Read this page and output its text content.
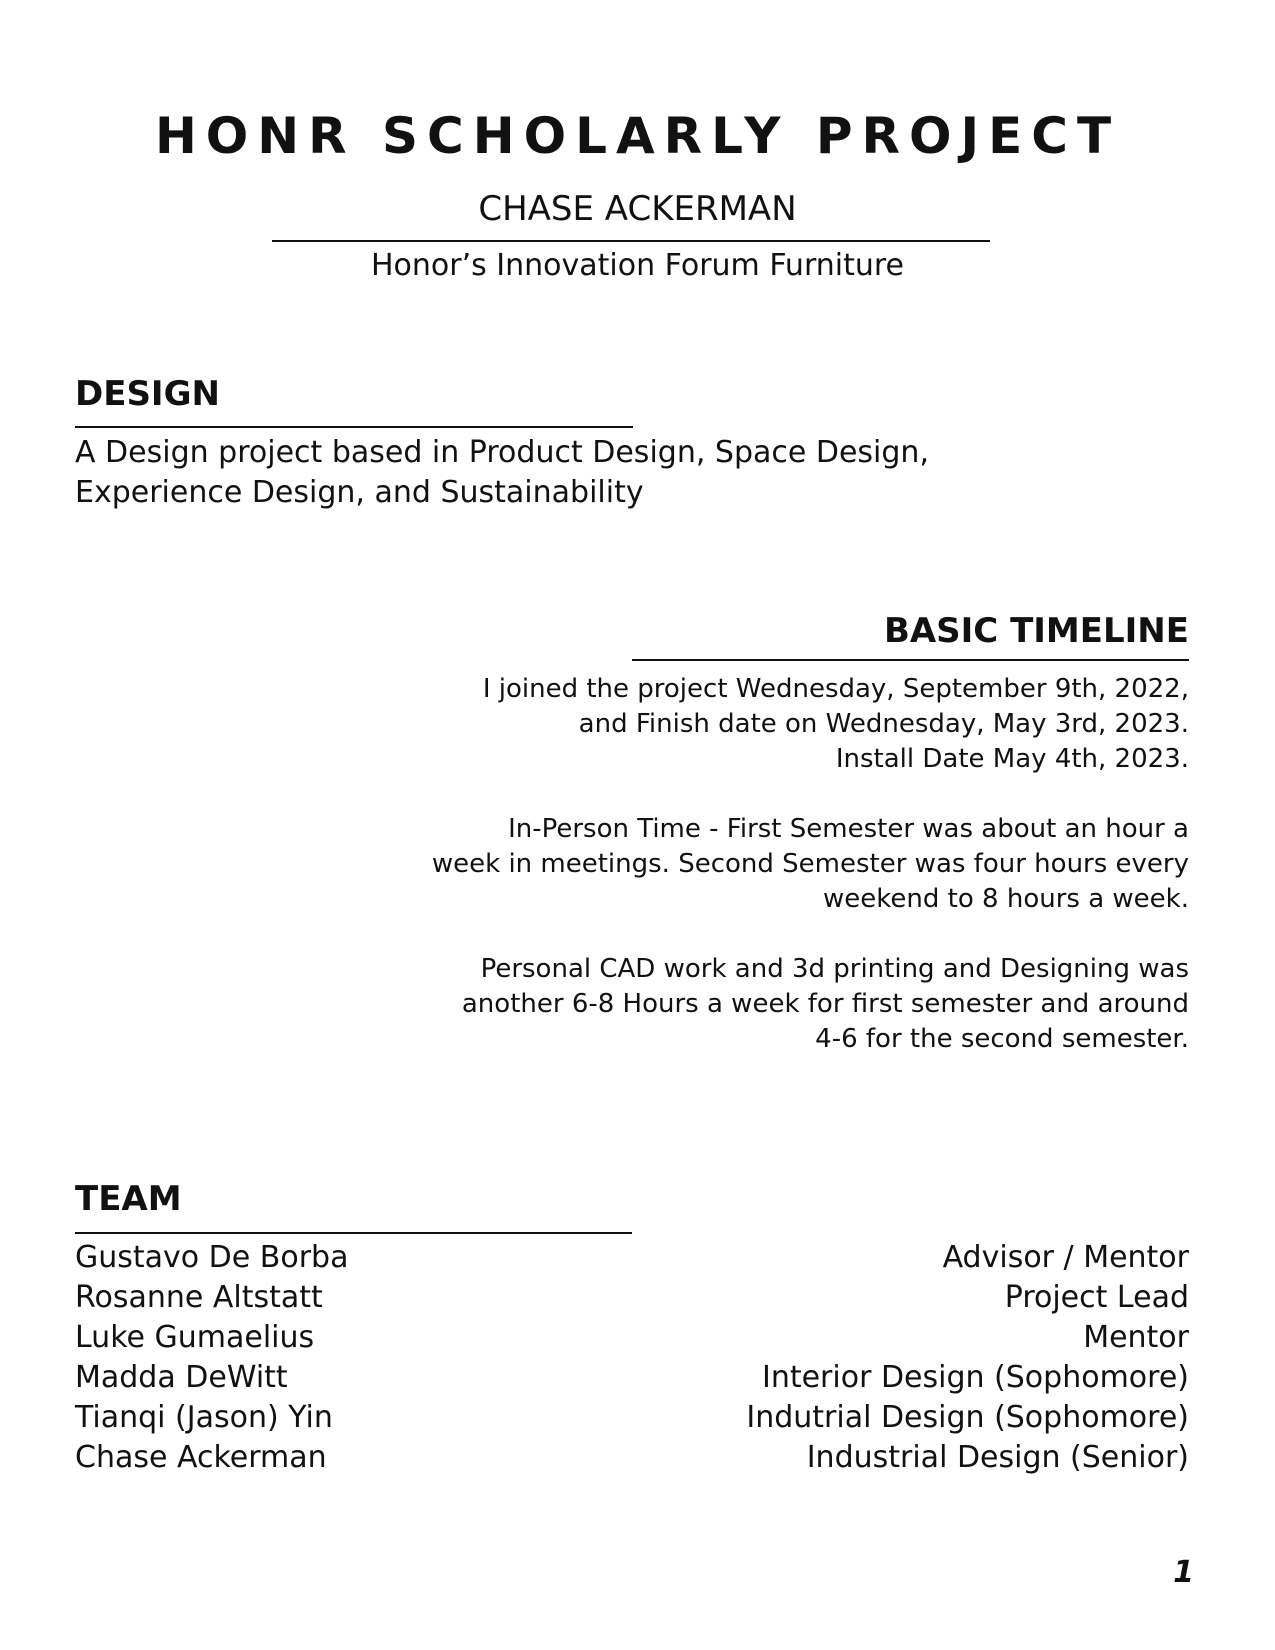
HONR SCHOLARLY PROJECT
CHASE ACKERMAN
Honor’s Innovation Forum Furniture
DESIGN
A Design project based in Product Design, Space Design,
Experience Design, and Sustainability
BASIC TIMELINE

I joined the project Wednesday, September 9th, 2022,
and Finish date on Wednesday, May 3rd, 2023.
Install Date May 4th, 2023.

In-Person Time - First Semester was about an hour a
week in meetings. Second Semester was four hours every
weekend to 8 hours a week.

Personal CAD work and 3d printing and Designing was
another 6-8 Hours a week for first semester and around
4-6 for the second semester.

TEAM
Gustavo De Borba	Advisor / Mentor
Rosanne Altstatt	Project Lead
Luke Gumaelius	Mentor
Madda DeWitt	Interior Design (Sophomore)
Tianqi (Jason) Yin	Indutrial Design (Sophomore)
Chase Ackerman	Industrial Design (Senior)
1
